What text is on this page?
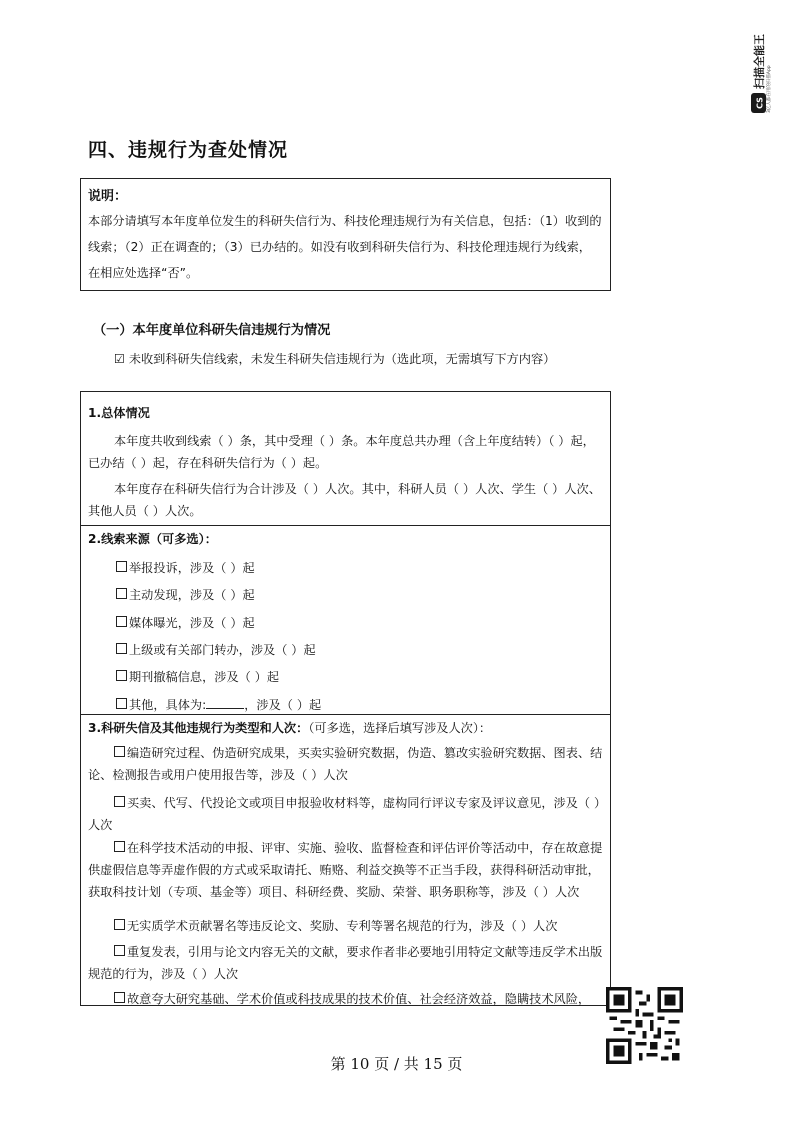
CS
扫描全能王
3亿人都在用的扫描App
四、违规行为查处情况
说明：
本部分请填写本年度单位发生的科研失信行为、科技伦理违规行为有关信息，包括：（1）收到的线索；（2）正在调查的；（3）已办结的。如没有收到科研失信行为、科技伦理违规行为线索，在相应处选择“否”。
（一）本年度单位科研失信违规行为情况
☑ 未收到科研失信线索，未发生科研失信违规行为（选此项，无需填写下方内容）
1.总体情况
本年度共收到线索（ ）条，其中受理（ ）条。本年度总共办理（含上年度结转）（ ）起，已办结（ ）起，存在科研失信行为（ ）起。
本年度存在科研失信行为合计涉及（ ）人次。其中，科研人员（ ）人次、学生（ ）人次、其他人员（ ）人次。
2.线索来源（可多选）：
举报投诉，涉及（ ）起
主动发现，涉及（ ）起
媒体曝光，涉及（ ）起
上级或有关部门转办，涉及（ ）起
期刊撤稿信息，涉及（ ）起
其他，具体为:	，涉及（ ）起
3.科研失信及其他违规行为类型和人次：（可多选，选择后填写涉及人次）：
编造研究过程、伪造研究成果，买卖实验研究数据，伪造、篡改实验研究数据、图表、结论、检测报告或用户使用报告等，涉及（ ）人次
买卖、代写、代投论文或项目申报验收材料等，虚构同行评议专家及评议意见，涉及（ ）人次
在科学技术活动的申报、评审、实施、验收、监督检查和评估评价等活动中，存在故意提供虚假信息等弄虚作假的方式或采取请托、贿赂、利益交换等不正当手段，获得科研活动审批，获取科技计划（专项、基金等）项目、科研经费、奖励、荣誉、职务职称等，涉及（ ）人次
无实质学术贡献署名等违反论文、奖励、专利等署名规范的行为，涉及（ ）人次
重复发表，引用与论文内容无关的文献，要求作者非必要地引用特定文献等违反学术出版规范的行为，涉及（ ）人次
故意夸大研究基础、学术价值或科技成果的技术价值、社会经济效益，隐瞒技术风险，
第 10 页 / 共 15 页
